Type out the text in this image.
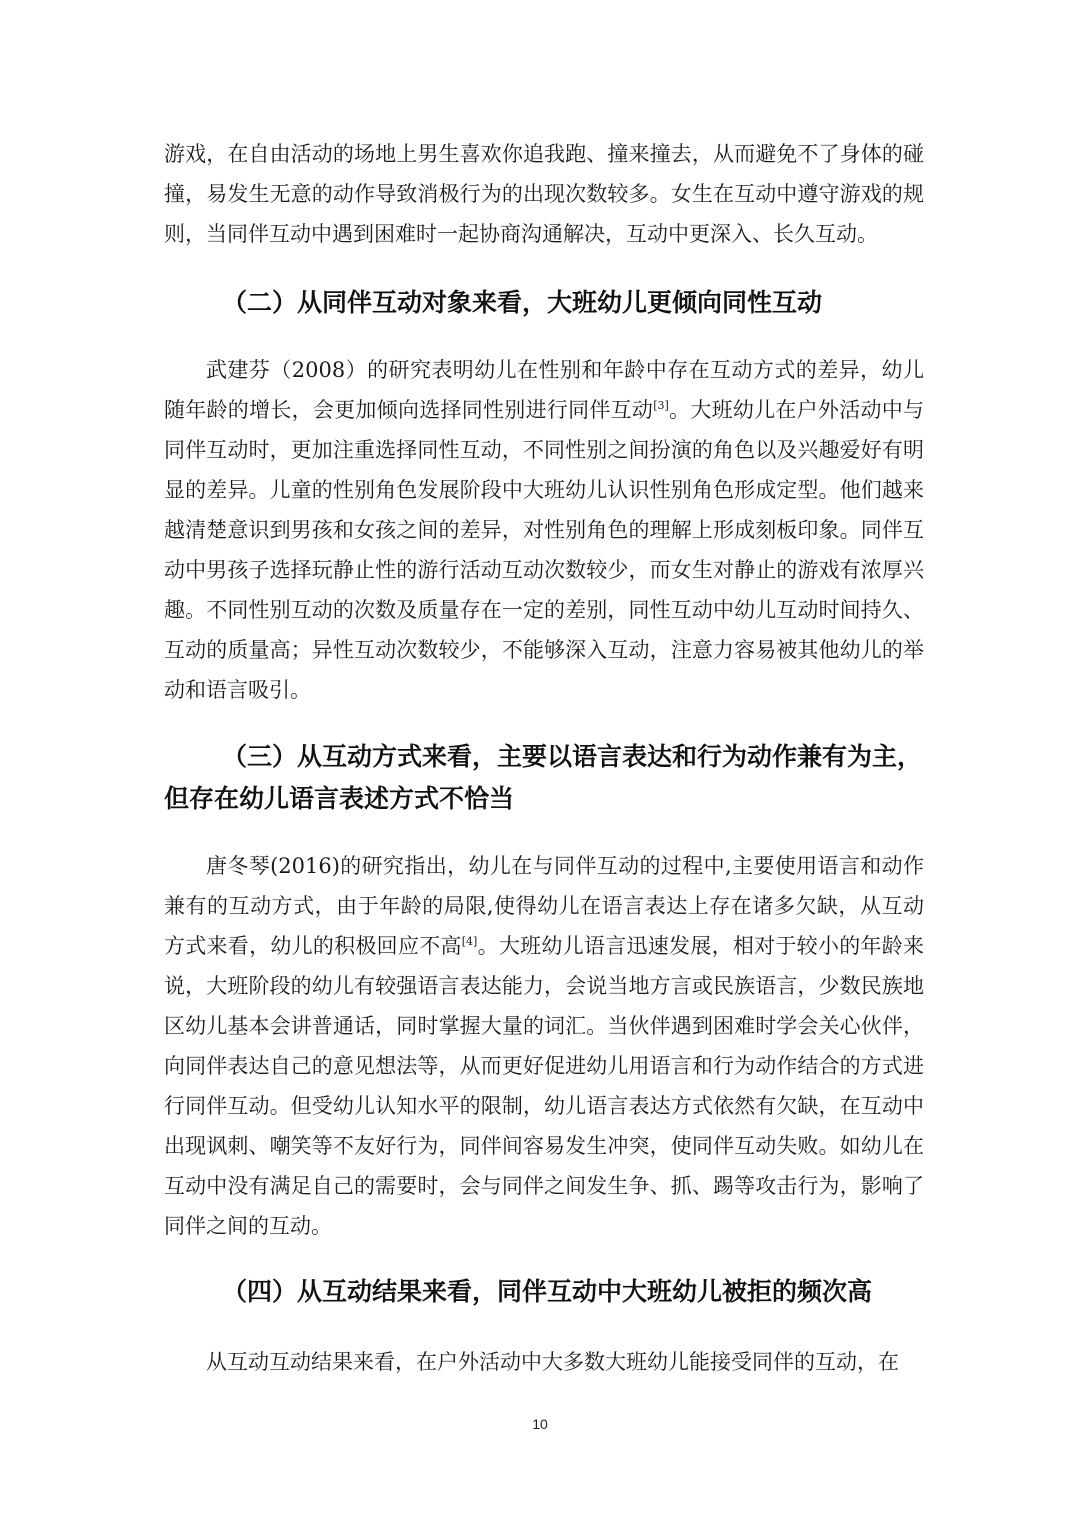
游戏，在自由活动的场地上男生喜欢你追我跑、撞来撞去，从而避免不了身体的碰撞，易发生无意的动作导致消极行为的出现次数较多。女生在互动中遵守游戏的规则，当同伴互动中遇到困难时一起协商沟通解决，互动中更深入、长久互动。

（二）从同伴互动对象来看，大班幼儿更倾向同性互动

武建芬（2008）的研究表明幼儿在性别和年龄中存在互动方式的差异，幼儿随年龄的增长，会更加倾向选择同性别进行同伴互动[3]。大班幼儿在户外活动中与同伴互动时，更加注重选择同性互动，不同性别之间扮演的角色以及兴趣爱好有明显的差异。儿童的性别角色发展阶段中大班幼儿认识性别角色形成定型。他们越来越清楚意识到男孩和女孩之间的差异，对性别角色的理解上形成刻板印象。同伴互动中男孩子选择玩静止性的游行活动互动次数较少，而女生对静止的游戏有浓厚兴趣。不同性别互动的次数及质量存在一定的差别，同性互动中幼儿互动时间持久、互动的质量高；异性互动次数较少，不能够深入互动，注意力容易被其他幼儿的举动和语言吸引。

（三）从互动方式来看，主要以语言表达和行为动作兼有为主，但存在幼儿语言表述方式不恰当

唐冬琴(2016)的研究指出，幼儿在与同伴互动的过程中,主要使用语言和动作兼有的互动方式，由于年龄的局限,使得幼儿在语言表达上存在诸多欠缺，从互动方式来看，幼儿的积极回应不高[4]。大班幼儿语言迅速发展，相对于较小的年龄来说，大班阶段的幼儿有较强语言表达能力，会说当地方言或民族语言，少数民族地区幼儿基本会讲普通话，同时掌握大量的词汇。当伙伴遇到困难时学会关心伙伴，向同伴表达自己的意见想法等，从而更好促进幼儿用语言和行为动作结合的方式进行同伴互动。但受幼儿认知水平的限制，幼儿语言表达方式依然有欠缺，在互动中出现讽刺、嘲笑等不友好行为，同伴间容易发生冲突，使同伴互动失败。如幼儿在互动中没有满足自己的需要时，会与同伴之间发生争、抓、踢等攻击行为，影响了同伴之间的互动。

（四）从互动结果来看，同伴互动中大班幼儿被拒的频次高

从互动互动结果来看，在户外活动中大多数大班幼儿能接受同伴的互动，在

10
